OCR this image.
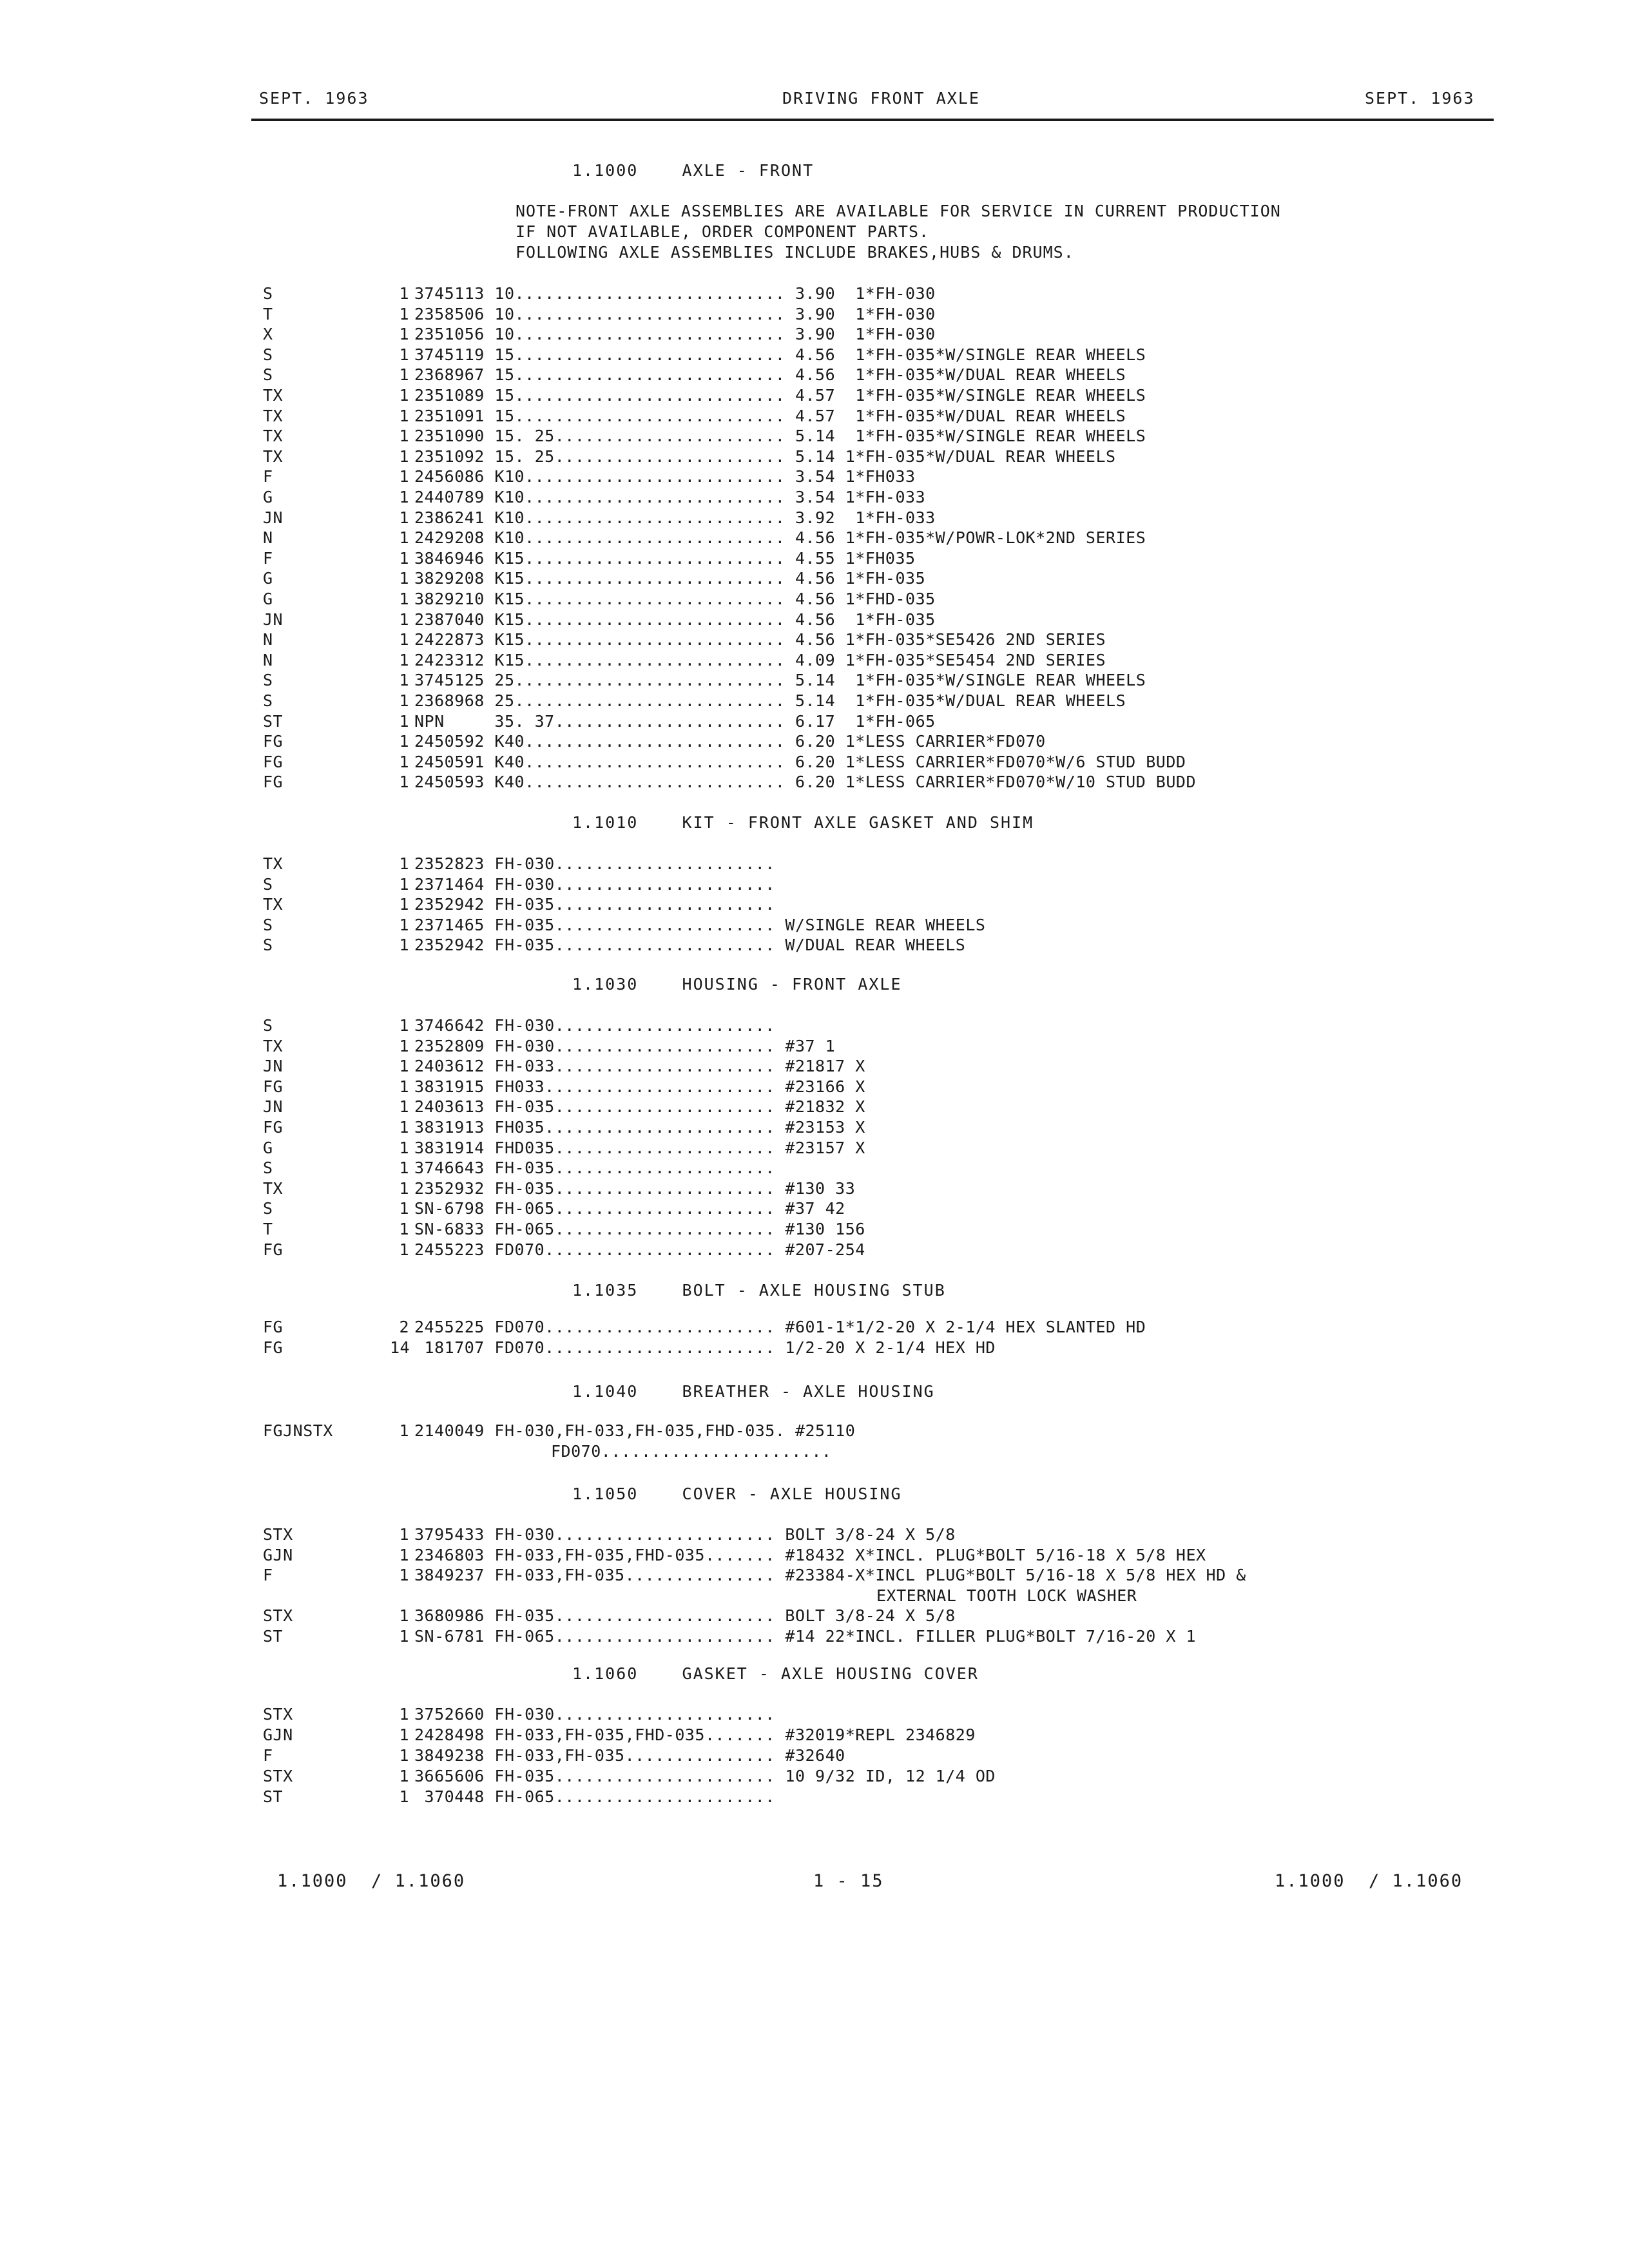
SEPT. 1963	DRIVING FRONT AXLE	SEPT. 1963
1.1000    AXLE - FRONT
NOTE-FRONT AXLE ASSEMBLIES ARE AVAILABLE FOR SERVICE IN CURRENT PRODUCTION
IF NOT AVAILABLE, ORDER COMPONENT PARTS.
FOLLOWING AXLE ASSEMBLIES INCLUDE BRAKES,HUBS & DRUMS.
S	1 3745113 10........................... 3.90  1*FH-030
T	1 2358506 10........................... 3.90  1*FH-030
X	1 2351056 10........................... 3.90  1*FH-030
S	1 3745119 15........................... 4.56  1*FH-035*W/SINGLE REAR WHEELS
S	1 2368967 15........................... 4.56  1*FH-035*W/DUAL REAR WHEELS
TX	1 2351089 15........................... 4.57  1*FH-035*W/SINGLE REAR WHEELS
TX	1 2351091 15........................... 4.57  1*FH-035*W/DUAL REAR WHEELS
TX	1 2351090 15. 25....................... 5.14  1*FH-035*W/SINGLE REAR WHEELS
TX	1 2351092 15. 25....................... 5.14 1*FH-035*W/DUAL REAR WHEELS
F	1 2456086 K10.......................... 3.54 1*FH033
G	1 2440789 K10.......................... 3.54 1*FH-033
JN	1 2386241 K10.......................... 3.92  1*FH-033
N	1 2429208 K10.......................... 4.56 1*FH-035*W/POWR-LOK*2ND SERIES
F	1 3846946 K15.......................... 4.55 1*FH035
G	1 3829208 K15.......................... 4.56 1*FH-035
G	1 3829210 K15.......................... 4.56 1*FHD-035
JN	1 2387040 K15.......................... 4.56  1*FH-035
N	1 2422873 K15.......................... 4.56 1*FH-035*SE5426 2ND SERIES
N	1 2423312 K15.......................... 4.09 1*FH-035*SE5454 2ND SERIES
S	1 3745125 25........................... 5.14  1*FH-035*W/SINGLE REAR WHEELS
S	1 2368968 25........................... 5.14  1*FH-035*W/DUAL REAR WHEELS
ST	1 NPN     35. 37....................... 6.17  1*FH-065
FG	1 2450592 K40.......................... 6.20 1*LESS CARRIER*FD070
FG	1 2450591 K40.......................... 6.20 1*LESS CARRIER*FD070*W/6 STUD BUDD
FG	1 2450593 K40.......................... 6.20 1*LESS CARRIER*FD070*W/10 STUD BUDD
1.1010    KIT - FRONT AXLE GASKET AND SHIM
TX	1 2352823 FH-030......................
S	1 2371464 FH-030......................
TX	1 2352942 FH-035......................
S	1 2371465 FH-035...................... W/SINGLE REAR WHEELS
S	1 2352942 FH-035...................... W/DUAL REAR WHEELS
1.1030    HOUSING - FRONT AXLE
S	1 3746642 FH-030......................
TX	1 2352809 FH-030...................... #37 1
JN	1 2403612 FH-033...................... #21817 X
FG	1 3831915 FH033....................... #23166 X
JN	1 2403613 FH-035...................... #21832 X
FG	1 3831913 FH035....................... #23153 X
G	1 3831914 FHD035...................... #23157 X
S	1 3746643 FH-035......................
TX	1 2352932 FH-035...................... #130 33
S	1 SN-6798 FH-065...................... #37 42
T	1 SN-6833 FH-065...................... #130 156
FG	1 2455223 FD070....................... #207-254
1.1035    BOLT - AXLE HOUSING STUB
FG	2 2455225 FD070....................... #601-1*1/2-20 X 2-1/4 HEX SLANTED HD
FG	14 181707 FD070....................... 1/2-20 X 2-1/4 HEX HD
1.1040    BREATHER - AXLE HOUSING
FGJNSTX	1 2140049 FH-030,FH-033,FH-035,FHD-035. #25110
FD070.......................
1.1050    COVER - AXLE HOUSING
STX	1 3795433 FH-030...................... BOLT 3/8-24 X 5/8
GJN	1 2346803 FH-033,FH-035,FHD-035....... #18432 X*INCL. PLUG*BOLT 5/16-18 X 5/8 HEX
F	1 3849237 FH-033,FH-035............... #23384-X*INCL PLUG*BOLT 5/16-18 X 5/8 HEX HD &
EXTERNAL TOOTH LOCK WASHER
STX	1 3680986 FH-035...................... BOLT 3/8-24 X 5/8
ST	1 SN-6781 FH-065...................... #14 22*INCL. FILLER PLUG*BOLT 7/16-20 X 1
1.1060    GASKET - AXLE HOUSING COVER
STX	1 3752660 FH-030......................
GJN	1 2428498 FH-033,FH-035,FHD-035....... #32019*REPL 2346829
F	1 3849238 FH-033,FH-035............... #32640
STX	1 3665606 FH-035...................... 10 9/32 ID, 12 1/4 OD
ST	1 370448 FH-065......................
1.1000  / 1.1060	1 - 15	1.1000  / 1.1060
